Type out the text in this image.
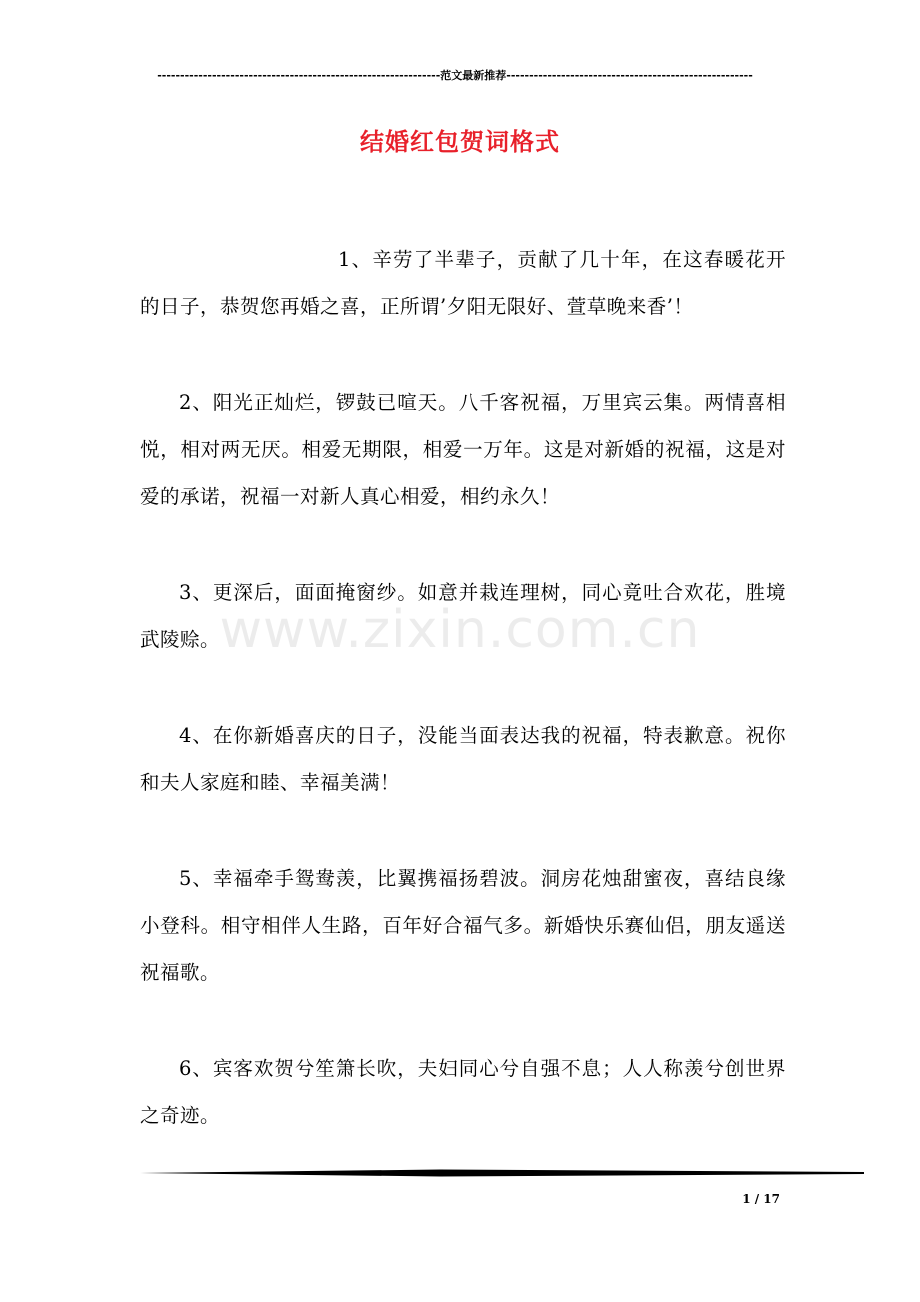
--------------------------------------------------------------范文最新推荐------------------------------------------------------
结婚红包贺词格式

1、辛劳了半辈子，贡献了几十年，在这春暖花开的日子，恭贺您再婚之喜，正所谓’夕阳无限好、萱草晚来香’！

2、阳光正灿烂，锣鼓已喧天。八千客祝福，万里宾云集。两情喜相悦，相对两无厌。相爱无期限，相爱一万年。这是对新婚的祝福，这是对爱的承诺，祝福一对新人真心相爱，相约永久！

3、更深后，面面掩窗纱。如意并栽连理树，同心竟吐合欢花，胜境武陵赊。

4、在你新婚喜庆的日子，没能当面表达我的祝福，特表歉意。祝你和夫人家庭和睦、幸福美满！

5、幸福牵手鸳鸯羡，比翼携福扬碧波。洞房花烛甜蜜夜，喜结良缘小登科。相守相伴人生路，百年好合福气多。新婚快乐赛仙侣，朋友遥送祝福歌。

6、宾客欢贺兮笙箫长吹，夫妇同心兮自强不息；人人称羡兮创世界之奇迹。

www.zixin.com.cn
1 / 17
